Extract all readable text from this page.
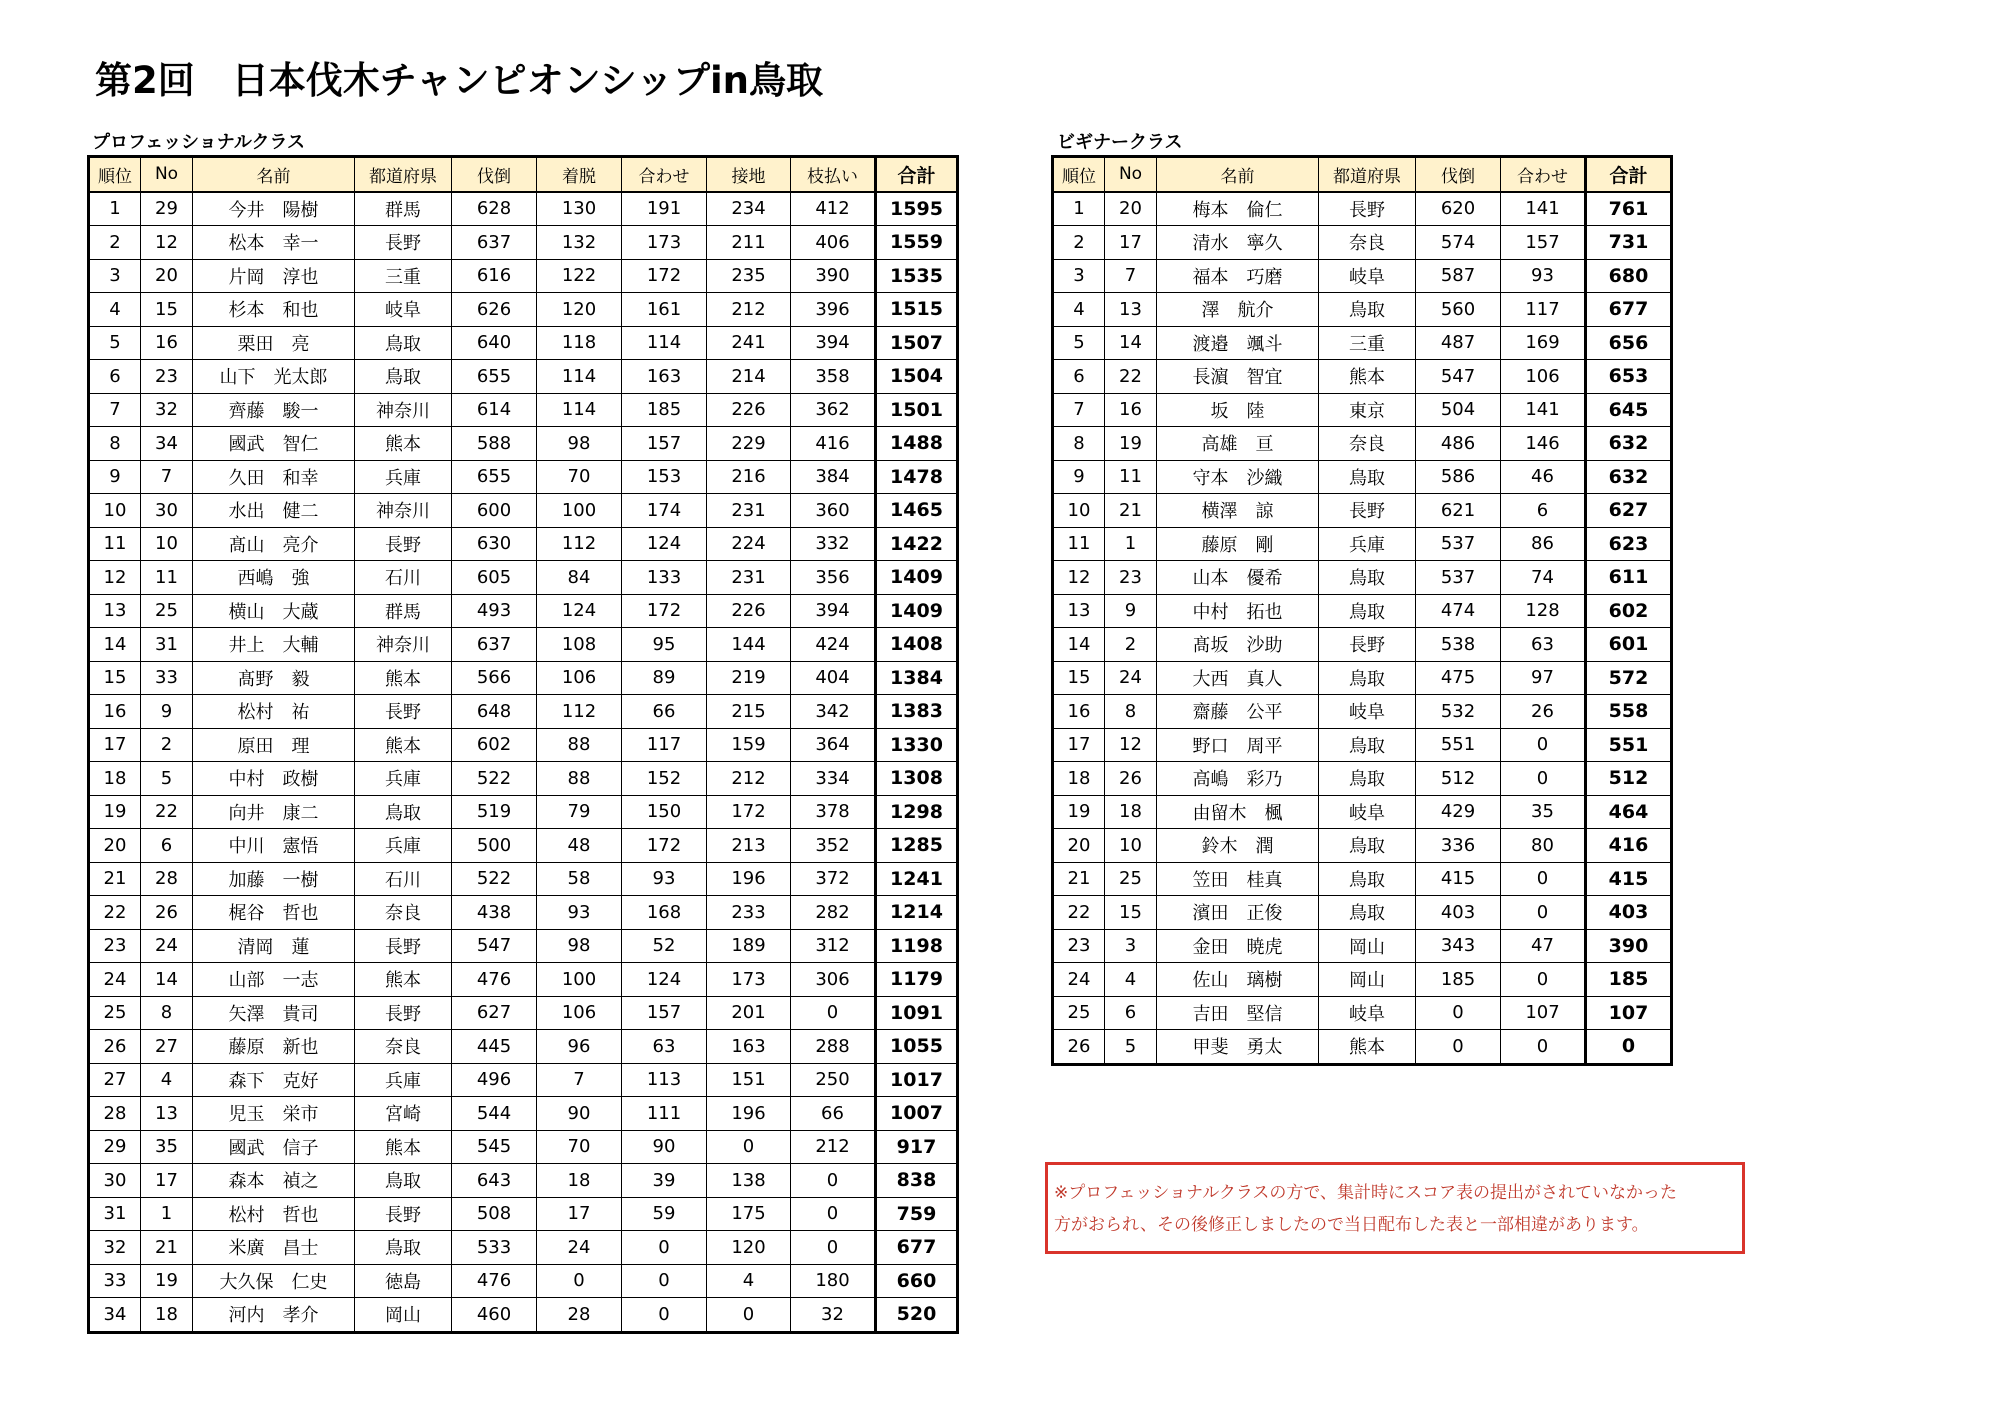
第2回　日本伐木チャンピオンシップin鳥取
プロフェッショナルクラス
順位	No	名前	都道府県	伐倒	着脱	合わせ	接地	枝払い	合計
1	29	今井　陽樹	群馬	628	130	191	234	412	1595
2	12	松本　幸一	長野	637	132	173	211	406	1559
3	20	片岡　淳也	三重	616	122	172	235	390	1535
4	15	杉本　和也	岐阜	626	120	161	212	396	1515
5	16	栗田　亮	鳥取	640	118	114	241	394	1507
6	23	山下　光太郎	鳥取	655	114	163	214	358	1504
7	32	齊藤　駿一	神奈川	614	114	185	226	362	1501
8	34	國武　智仁	熊本	588	98	157	229	416	1488
9	7	久田　和幸	兵庫	655	70	153	216	384	1478
10	30	水出　健二	神奈川	600	100	174	231	360	1465
11	10	髙山　亮介	長野	630	112	124	224	332	1422
12	11	西嶋　強	石川	605	84	133	231	356	1409
13	25	横山　大蔵	群馬	493	124	172	226	394	1409
14	31	井上　大輔	神奈川	637	108	95	144	424	1408
15	33	髙野　毅	熊本	566	106	89	219	404	1384
16	9	松村　祐	長野	648	112	66	215	342	1383
17	2	原田　理	熊本	602	88	117	159	364	1330
18	5	中村　政樹	兵庫	522	88	152	212	334	1308
19	22	向井　康二	鳥取	519	79	150	172	378	1298
20	6	中川　憲悟	兵庫	500	48	172	213	352	1285
21	28	加藤　一樹	石川	522	58	93	196	372	1241
22	26	梶谷　哲也	奈良	438	93	168	233	282	1214
23	24	清岡　蓮	長野	547	98	52	189	312	1198
24	14	山部　一志	熊本	476	100	124	173	306	1179
25	8	矢澤　貴司	長野	627	106	157	201	0	1091
26	27	藤原　新也	奈良	445	96	63	163	288	1055
27	4	森下　克好	兵庫	496	7	113	151	250	1017
28	13	児玉　栄市	宮崎	544	90	111	196	66	1007
29	35	國武　信子	熊本	545	70	90	0	212	917
30	17	森本　禎之	鳥取	643	18	39	138	0	838
31	1	松村　哲也	長野	508	17	59	175	0	759
32	21	米廣　昌士	鳥取	533	24	0	120	0	677
33	19	大久保　仁史	徳島	476	0	0	4	180	660
34	18	河内　孝介	岡山	460	28	0	0	32	520
ビギナークラス
順位	No	名前	都道府県	伐倒	合わせ	合計
1	20	梅本　倫仁	長野	620	141	761
2	17	清水　寧久	奈良	574	157	731
3	7	福本　巧磨	岐阜	587	93	680
4	13	澤　航介	鳥取	560	117	677
5	14	渡邉　颯斗	三重	487	169	656
6	22	長濵　智宜	熊本	547	106	653
7	16	坂　陸	東京	504	141	645
8	19	高雄　亘	奈良	486	146	632
9	11	守本　沙織	鳥取	586	46	632
10	21	横澤　諒	長野	621	6	627
11	1	藤原　剛	兵庫	537	86	623
12	23	山本　優希	鳥取	537	74	611
13	9	中村　拓也	鳥取	474	128	602
14	2	髙坂　沙助	長野	538	63	601
15	24	大西　真人	鳥取	475	97	572
16	8	齋藤　公平	岐阜	532	26	558
17	12	野口　周平	鳥取	551	0	551
18	26	高嶋　彩乃	鳥取	512	0	512
19	18	由留木　楓	岐阜	429	35	464
20	10	鈴木　潤	鳥取	336	80	416
21	25	笠田　桂真	鳥取	415	0	415
22	15	濱田　正俊	鳥取	403	0	403
23	3	金田　暁虎	岡山	343	47	390
24	4	佐山　璃樹	岡山	185	0	185
25	6	吉田　堅信	岐阜	0	107	107
26	5	甲斐　勇太	熊本	0	0	0

※プロフェッショナルクラスの方で、集計時にスコア表の提出がされていなかった

方がおられ、その後修正しましたので当日配布した表と一部相違があります。
